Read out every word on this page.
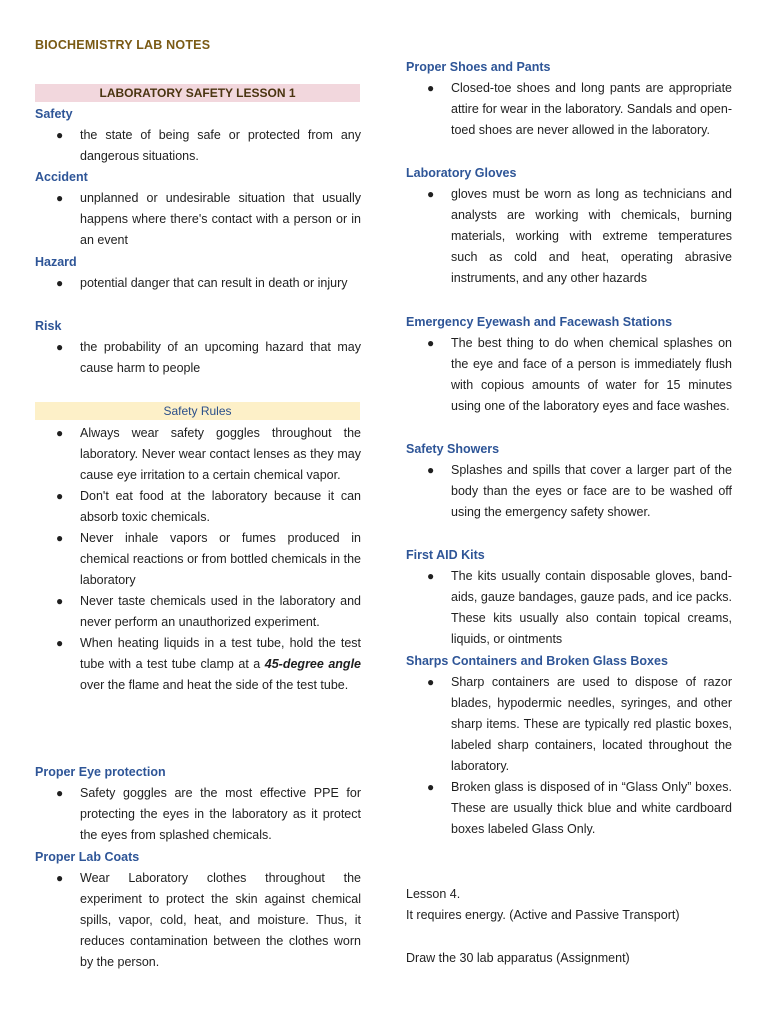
BIOCHEMISTRY LAB NOTES
LABORATORY SAFETY LESSON 1
Safety
● the state of being safe or protected from any dangerous situations.
Accident
● unplanned or undesirable situation that usually happens where there's contact with a person or in an event
Hazard
● potential danger that can result in death or injury
Risk
● the probability of an upcoming hazard that may cause harm to people
Safety Rules
● Always wear safety goggles throughout the laboratory. Never wear contact lenses as they may cause eye irritation to a certain chemical vapor.
● Don't eat food at the laboratory because it can absorb toxic chemicals.
● Never inhale vapors or fumes produced in chemical reactions or from bottled chemicals in the laboratory
● Never taste chemicals used in the laboratory and never perform an unauthorized experiment.
● When heating liquids in a test tube, hold the test tube with a test tube clamp at a 45-degree angle over the flame and heat the side of the test tube.
Proper Eye protection
● Safety goggles are the most effective PPE for protecting the eyes in the laboratory as it protect the eyes from splashed chemicals.
Proper Lab Coats
● Wear Laboratory clothes throughout the experiment to protect the skin against chemical spills, vapor, cold, heat, and moisture. Thus, it reduces contamination between the clothes worn by the person.
Proper Shoes and Pants
● Closed-toe shoes and long pants are appropriate attire for wear in the laboratory. Sandals and open-toed shoes are never allowed in the laboratory.
Laboratory Gloves
● gloves must be worn as long as technicians and analysts are working with chemicals, burning materials, working with extreme temperatures such as cold and heat, operating abrasive instruments, and any other hazards
Emergency Eyewash and Facewash Stations
● The best thing to do when chemical splashes on the eye and face of a person is immediately flush with copious amounts of water for 15 minutes using one of the laboratory eyes and face washes.
Safety Showers
● Splashes and spills that cover a larger part of the body than the eyes or face are to be washed off using the emergency safety shower.
First AID Kits
● The kits usually contain disposable gloves, band-aids, gauze bandages, gauze pads, and ice packs. These kits usually also contain topical creams, liquids, or ointments
Sharps Containers and Broken Glass Boxes
● Sharp containers are used to dispose of razor blades, hypodermic needles, syringes, and other sharp items. These are typically red plastic boxes, labeled sharp containers, located throughout the laboratory.
● Broken glass is disposed of in “Glass Only” boxes. These are usually thick blue and white cardboard boxes labeled Glass Only.

Lesson 4.

It requires energy. (Active and Passive Transport)

Draw the 30 lab apparatus (Assignment)
